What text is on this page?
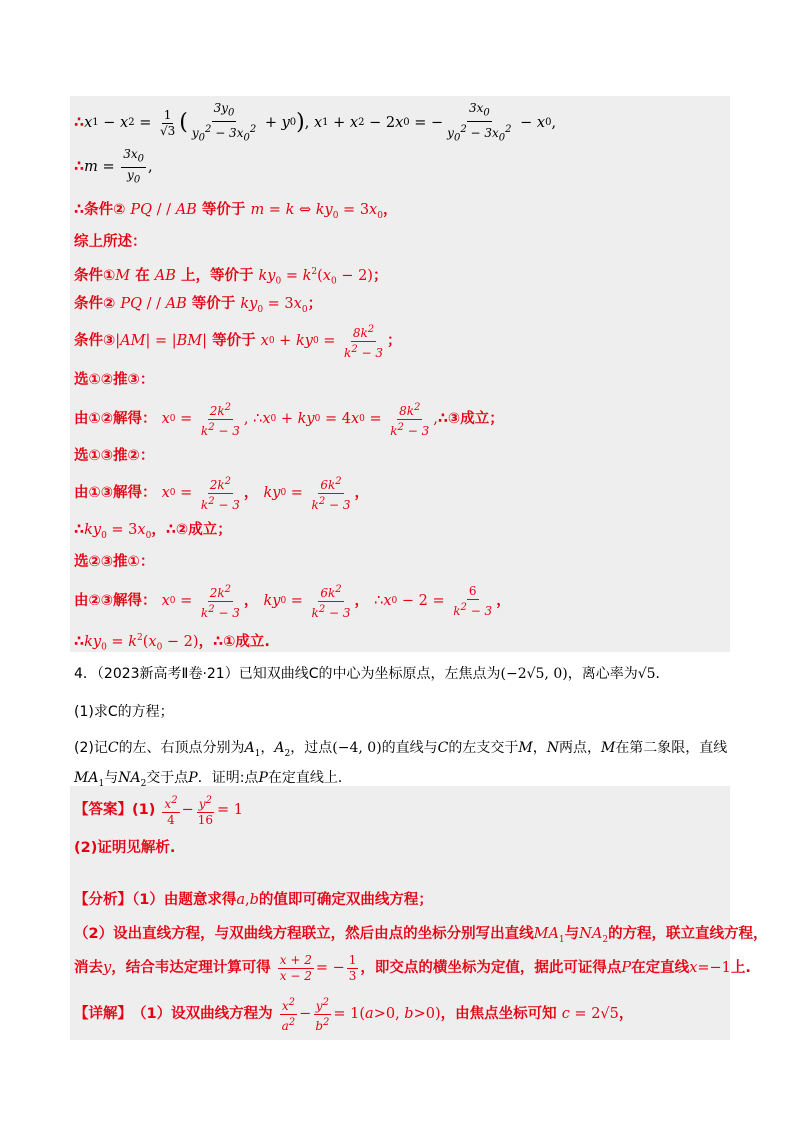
∴ x 1 − x $2 = \frac{1}{√3}$ ( $\frac{3y_0}{y_0^2 - 3x_0^2} + y$ 0 ) , x 1 + x 2 − 2 x 0 = − $\frac{3x_0}{y_0^2 - 3x_0^2} - x$ 0 ,
∴ $m = \frac{3x_0}{y_0}$ ,
∴条件② PQ / / AB 等价于 m = k ⇔ $ky_0 = 3x_0$，
综上所述：
条件①M 在 AB 上，等价于 $ky_0 = k^2(x_0 - 2)$；
条件② PQ / / AB 等价于 $ky_0 = 3x_0$；
条件③ | AM | = | BM | 等价于 x 0 + ky $0 = \frac{8k^2}{k^2 - 3}$ ；
选①②推③：
由①②解得： x $0 = \frac{2k^2}{k^2 - 3}$ , ∴ x 0 + ky 0 = 4 x $0 = \frac{8k^2}{k^2 - 3}$ , ∴③成立；
选①③推②：
由①③解得： x $0 = \frac{2k^2}{k^2 - 3}$ ， ky $0 = \frac{6k^2}{k^2 - 3}$ ，
$\therefore ky_0 = 3x_0$，∴②成立；
选②③推①：
由②③解得： x $0 = \frac{2k^2}{k^2 - 3}$ ， ky $0 = \frac{6k^2}{k^2 - 3}$ ， ∴ x $0 - 2 = \frac{6}{k^2 - 3}$ ，
$\therefore ky_0 = k^2(x_0 - 2)$，∴①成立.
4．（2023新高考Ⅱ卷·21）已知双曲线C的中心为坐标原点，左焦点为(−2√5, 0)，离心率为√5．
(1)求C的方程；
(2)记C的左、右顶点分别为$A_1$，$A_2$，过点(−4, 0)的直线与C的左支交于M，N两点，M在第二象限，直线
$MA_1$与$NA_2$交于点P．证明:点P在定直线上．
【答案】 $(1) \frac{x^2}{4} - \frac{y^2}{16} = 1$
(2)证明见解析.
【分析】（1）由题意求得a,b的值即可确定双曲线方程；
（2）设出直线方程，与双曲线方程联立，然后由点的坐标分别写出直线$MA_1$与$NA_2$的方程，联立直线方程，
消去 y ，结合韦达定理计算可得 $\frac{x + 2}{x - 2}$ = − $\frac{1}{3}$ ，即交点的横坐标为定值，据此可证得点 P 在定直线 x =−1 上.
【详解】 （1）设双曲线方程为 $\frac{x^2}{a^2} - \frac{y^2}{b^2} = 1$( a >0, b >0) ，由焦点坐标可知 c = 2√5 ，
